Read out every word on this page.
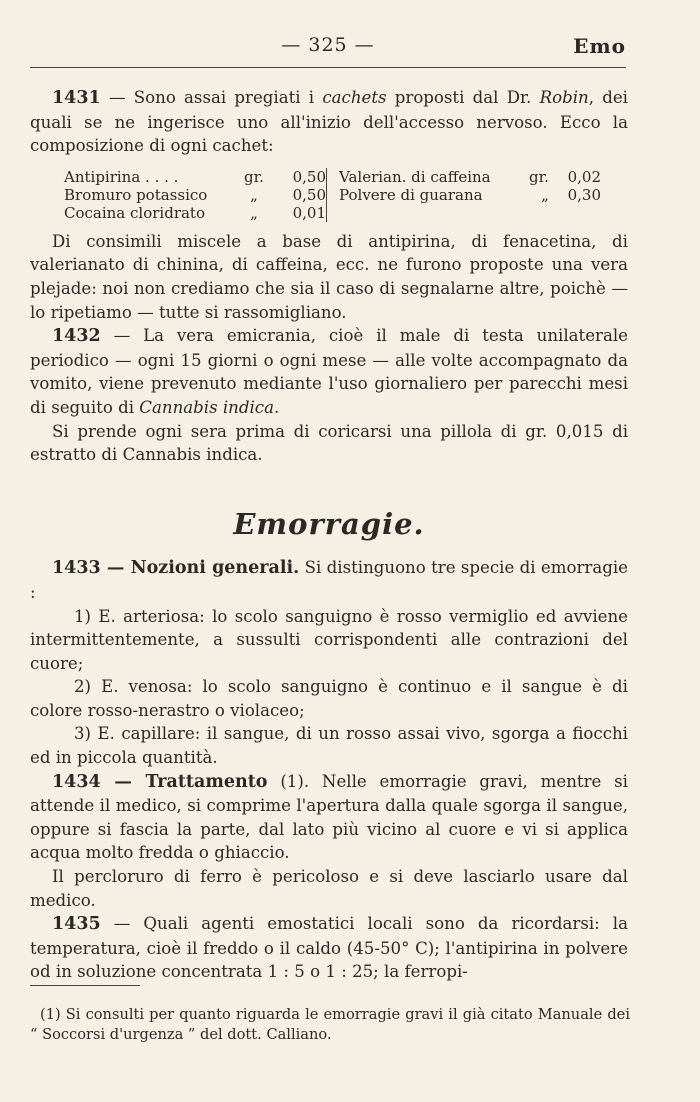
— 325 —	Emo

1431 — Sono assai pregiati i cachets proposti dal Dr. Robin, dei quali se ne ingerisce uno all'inizio dell'accesso nervoso. Ecco la composizione di ogni cachet:

Antipirina . . . .	gr.	0,50
Bromuro potassico	„	0,50
Cocaina cloridrato	„	0,01
Valerian. di caffeina	gr.	0,02
Polvere di guarana	„	0,30

Di consimili miscele a base di antipirina, di fenacetina, di valerianato di chinina, di caffeina, ecc. ne furono proposte una vera plejade: noi non crediamo che sia il caso di segnalarne altre, poichè — lo ripetiamo — tutte si rassomigliano.

1432 — La vera emicrania, cioè il male di testa unilaterale periodico — ogni 15 giorni o ogni mese — alle volte accompagnato da vomito, viene prevenuto mediante l'uso giornaliero per parecchi mesi di seguito di Cannabis indica.

Si prende ogni sera prima di coricarsi una pillola di gr. 0,015 di estratto di Cannabis indica.

Emorragie.

1433 — Nozioni generali. Si distinguono tre specie di emorragie :

1) E. arteriosa: lo scolo sanguigno è rosso vermiglio ed avviene intermittentemente, a sussulti corrispondenti alle contrazioni del cuore;

2) E. venosa: lo scolo sanguigno è continuo e il sangue è di colore rosso-nerastro o violaceo;

3) E. capillare: il sangue, di un rosso assai vivo, sgorga a fiocchi ed in piccola quantità.

1434 — Trattamento (1). Nelle emorragie gravi, mentre si attende il medico, si comprime l'apertura dalla quale sgorga il sangue, oppure si fascia la parte, dal lato più vicino al cuore e vi si applica acqua molto fredda o ghiaccio.

Il percloruro di ferro è pericoloso e si deve lasciarlo usare dal medico.

1435 — Quali agenti emostatici locali sono da ricordarsi: la temperatura, cioè il freddo o il caldo (45-50° C); l'antipirina in polvere od in soluzione concentrata 1 : 5 o 1 : 25; la ferropi-

(1) Si consulti per quanto riguarda le emorragie gravi il già citato Manuale dei “ Soccorsi d'urgenza ” del dott. Calliano.
